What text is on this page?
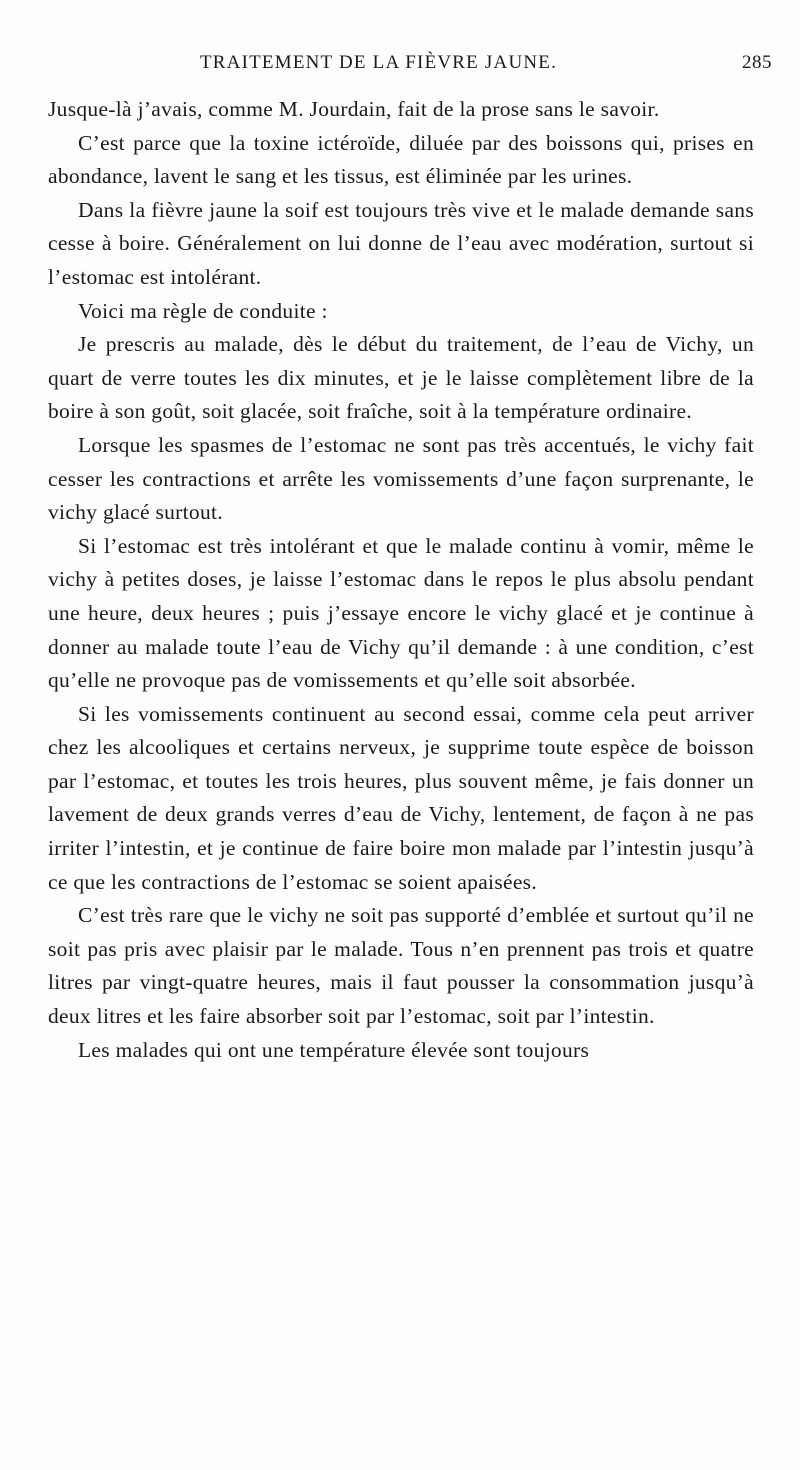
TRAITEMENT DE LA FIÈVRE JAUNE.	285

Jusque-là j’avais, comme M. Jourdain, fait de la prose sans le savoir.

C’est parce que la toxine ictéroïde, diluée par des boissons qui, prises en abondance, lavent le sang et les tissus, est éliminée par les urines.

Dans la fièvre jaune la soif est toujours très vive et le malade demande sans cesse à boire. Généralement on lui donne de l’eau avec modération, surtout si l’estomac est intolérant.

Voici ma règle de conduite :

Je prescris au malade, dès le début du traitement, de l’eau de Vichy, un quart de verre toutes les dix minutes, et je le laisse complètement libre de la boire à son goût, soit glacée, soit fraîche, soit à la température ordinaire.

Lorsque les spasmes de l’estomac ne sont pas très accentués, le vichy fait cesser les contractions et arrête les vomissements d’une façon surprenante, le vichy glacé surtout.

Si l’estomac est très intolérant et que le malade continu à vomir, même le vichy à petites doses, je laisse l’estomac dans le repos le plus absolu pendant une heure, deux heures ; puis j’essaye encore le vichy glacé et je continue à donner au malade toute l’eau de Vichy qu’il demande : à une condition, c’est qu’elle ne provoque pas de vomissements et qu’elle soit absorbée.

Si les vomissements continuent au second essai, comme cela peut arriver chez les alcooliques et certains nerveux, je supprime toute espèce de boisson par l’estomac, et toutes les trois heures, plus souvent même, je fais donner un lavement de deux grands verres d’eau de Vichy, lentement, de façon à ne pas irriter l’intestin, et je continue de faire boire mon malade par l’intestin jusqu’à ce que les contractions de l’estomac se soient apaisées.

C’est très rare que le vichy ne soit pas supporté d’emblée et surtout qu’il ne soit pas pris avec plaisir par le malade. Tous n’en prennent pas trois et quatre litres par vingt-quatre heures, mais il faut pousser la consommation jusqu’à deux litres et les faire absorber soit par l’estomac, soit par l’intestin.

Les malades qui ont une température élevée sont toujours
